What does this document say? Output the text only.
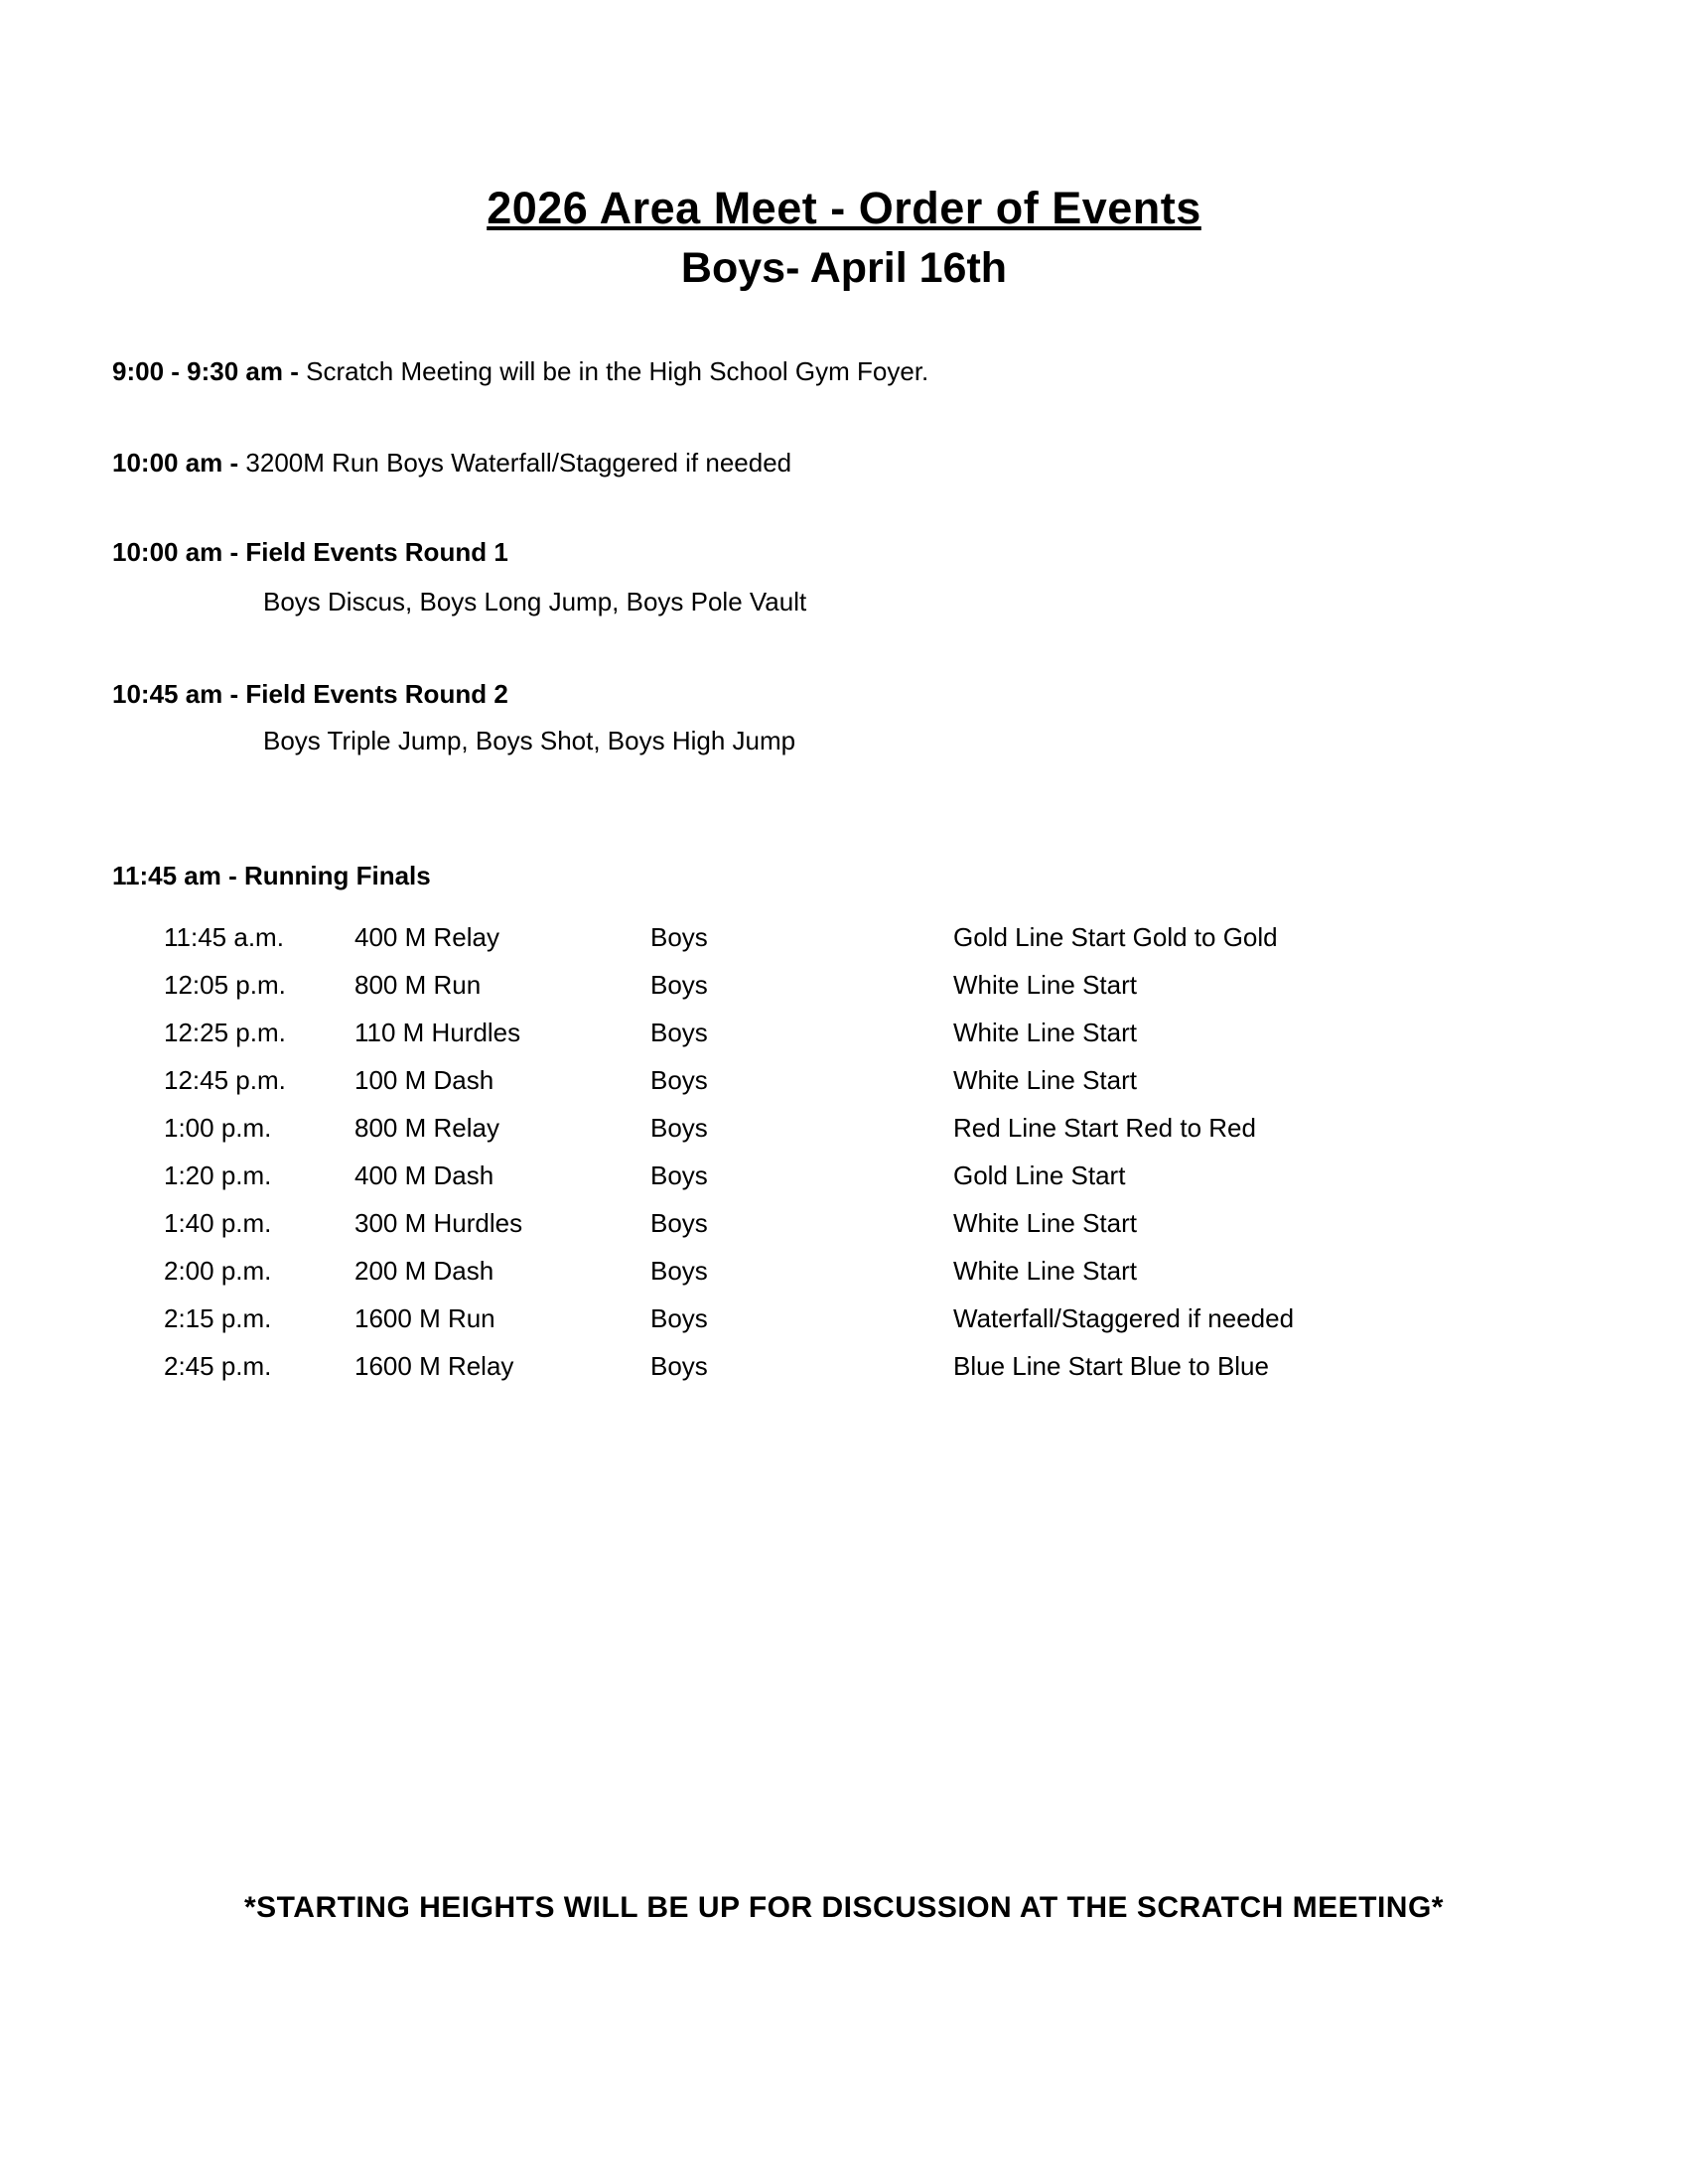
2026 Area Meet - Order of Events
Boys- April 16th
9:00 - 9:30 am - Scratch Meeting will be in the High School Gym Foyer.
10:00 am - 3200M Run Boys Waterfall/Staggered if needed
10:00 am - Field Events Round 1
Boys Discus, Boys Long Jump, Boys Pole Vault
10:45 am - Field Events Round 2
Boys Triple Jump, Boys Shot, Boys High Jump
11:45 am - Running Finals
11:45 a.m.	400 M Relay	Boys	Gold Line Start Gold to Gold
12:05 p.m.	800 M Run	Boys	White Line Start
12:25 p.m.	110 M Hurdles	Boys	White Line Start
12:45 p.m.	100 M Dash	Boys	White Line Start
1:00 p.m.	800 M Relay	Boys	Red Line Start Red to Red
1:20 p.m.	400 M Dash	Boys	Gold Line Start
1:40 p.m.	300 M Hurdles	Boys	White Line Start
2:00 p.m.	200 M Dash	Boys	White Line Start
2:15 p.m.	1600 M Run	Boys	Waterfall/Staggered if needed
2:45 p.m.	1600 M Relay	Boys	Blue Line Start Blue to Blue
*STARTING HEIGHTS WILL BE UP FOR DISCUSSION AT THE SCRATCH MEETING*
